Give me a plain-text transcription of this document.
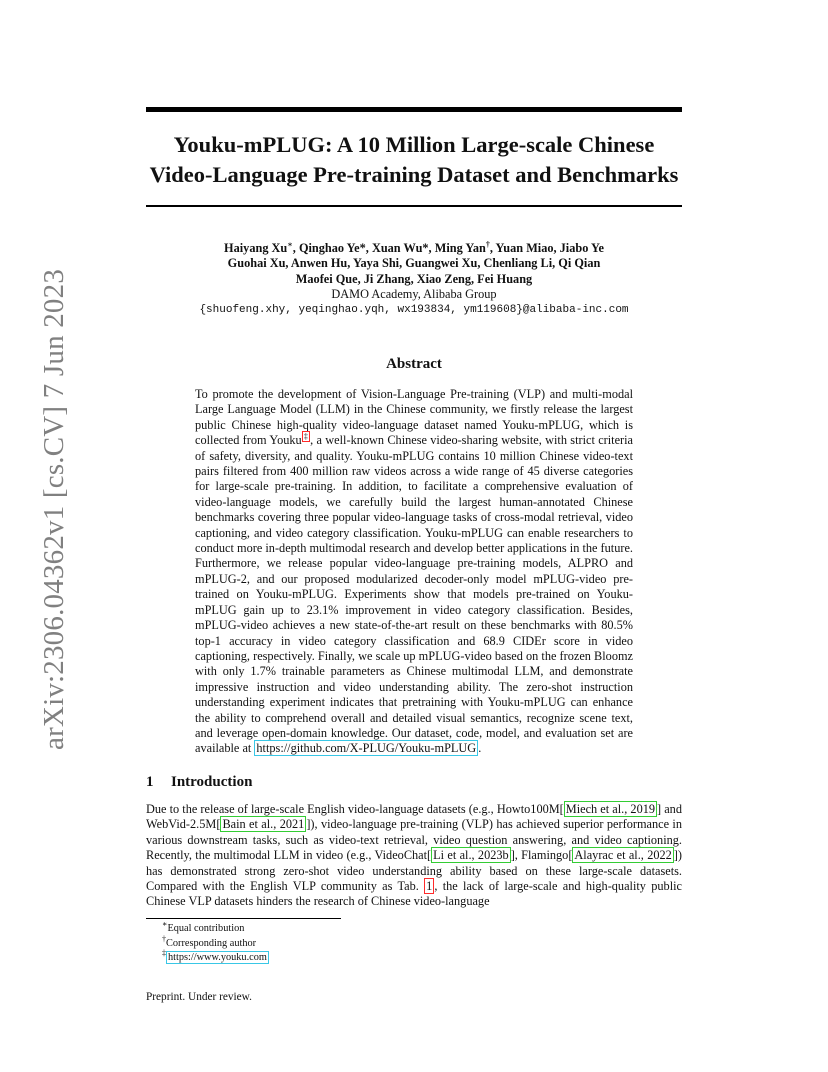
arXiv:2306.04362v1 [cs.CV] 7 Jun 2023
Youku-mPLUG: A 10 Million Large-scale Chinese
Video-Language Pre-training Dataset and Benchmarks
Haiyang Xu∗, Qinghao Ye*, Xuan Wu*, Ming Yan†, Yuan Miao, Jiabo Ye
Guohai Xu, Anwen Hu, Yaya Shi, Guangwei Xu, Chenliang Li, Qi Qian
Maofei Que, Ji Zhang, Xiao Zeng, Fei Huang
DAMO Academy, Alibaba Group
{shuofeng.xhy, yeqinghao.yqh, wx193834, ym119608}@alibaba-inc.com
Abstract

To promote the development of Vision-Language Pre-training (VLP) and multi-modal Large Language Model (LLM) in the Chinese community, we firstly release the largest public Chinese high-quality video-language dataset named Youku-mPLUG, which is collected from Youku ‡ , a well-known Chinese video-sharing website, with strict criteria of safety, diversity, and quality. Youku-mPLUG contains 10 million Chinese video-text pairs filtered from 400 million raw videos across a wide range of 45 diverse categories for large-scale pre-training. In addition, to facilitate a comprehensive evaluation of video-language models, we carefully build the largest human-annotated Chinese benchmarks covering three popular video-language tasks of cross-modal retrieval, video captioning, and video category classification. Youku-mPLUG can enable researchers to conduct more in-depth multimodal research and develop better applications in the future. Furthermore, we release popular video-language pre-training models, ALPRO and mPLUG-2, and our proposed modularized decoder-only model mPLUG-video pre-trained on Youku-mPLUG. Experiments show that models pre-trained on Youku-mPLUG gain up to 23.1% improvement in video category classification. Besides, mPLUG-video achieves a new state-of-the-art result on these benchmarks with 80.5% top-1 accuracy in video category classification and 68.9 CIDEr score in video captioning, respectively. Finally, we scale up mPLUG-video based on the frozen Bloomz with only 1.7% trainable parameters as Chinese multimodal LLM, and demonstrate impressive instruction and video understanding ability. The zero-shot instruction understanding experiment indicates that pretraining with Youku-mPLUG can enhance the ability to comprehend overall and detailed visual semantics, recognize scene text, and leverage open-domain knowledge. Our dataset, code, model, and evaluation set are available at https://github.com/X-PLUG/Youku-mPLUG .

1 Introduction

Due to the release of large-scale English video-language datasets (e.g., Howto100M[ Miech et al., 2019 ] and WebVid-2.5M[ Bain et al., 2021 ]), video-language pre-training (VLP) has achieved superior performance in various downstream tasks, such as video-text retrieval, video question answering, and video captioning. Recently, the multimodal LLM in video (e.g., VideoChat[ Li et al., 2023b ], Flamingo[ Alayrac et al., 2022 ]) has demonstrated strong zero-shot video understanding ability based on these large-scale datasets. Compared with the English VLP community as Tab. 1 , the lack of large-scale and high-quality public Chinese VLP datasets hinders the research of Chinese video-language

∗Equal contribution
†Corresponding author
‡ https://www.youku.com
Preprint. Under review.
